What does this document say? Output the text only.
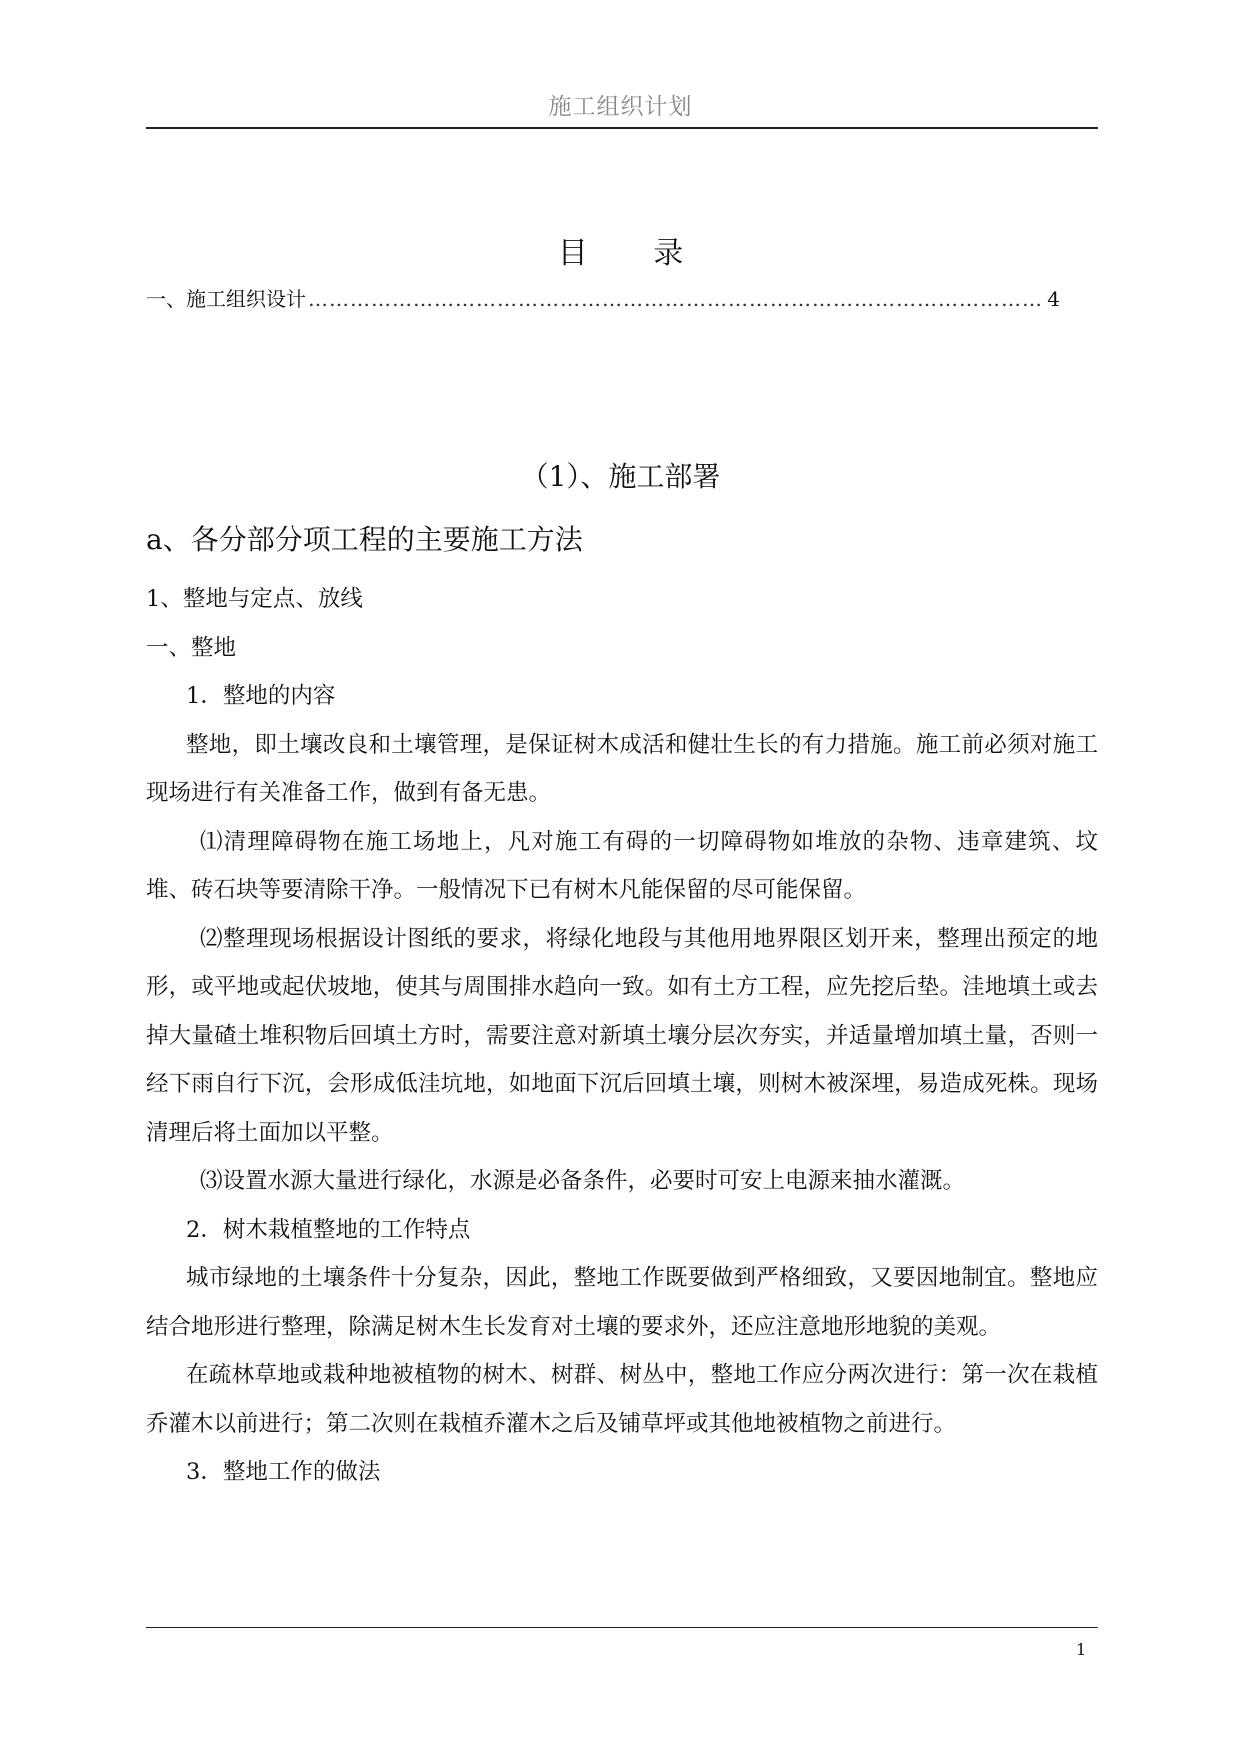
施工组织计划
目 录
一、施工组织设计
……………………………………………………………………………………………………………………………………………………………………………………………………	4
（1）、施工部署
a、各分部分项工程的主要施工方法

1、整地与定点、放线

一、整地

1．整地的内容

整地，即土壤改良和土壤管理，是保证树木成活和健壮生长的有力措施。施工前必须对施工现场进行有关准备工作，做到有备无患。

⑴清理障碍物在施工场地上，凡对施工有碍的一切障碍物如堆放的杂物、违章建筑、坟堆、砖石块等要清除干净。一般情况下已有树木凡能保留的尽可能保留。

⑵整理现场根据设计图纸的要求，将绿化地段与其他用地界限区划开来，整理出预定的地形，或平地或起伏坡地，使其与周围排水趋向一致。如有土方工程，应先挖后垫。洼地填土或去掉大量碴土堆积物后回填土方时，需要注意对新填土壤分层次夯实，并适量增加填土量，否则一经下雨自行下沉，会形成低洼坑地，如地面下沉后回填土壤，则树木被深埋，易造成死株。现场清理后将土面加以平整。

⑶设置水源大量进行绿化，水源是必备条件，必要时可安上电源来抽水灌溉。

2．树木栽植整地的工作特点

城市绿地的土壤条件十分复杂，因此，整地工作既要做到严格细致，又要因地制宜。整地应结合地形进行整理，除满足树木生长发育对土壤的要求外，还应注意地形地貌的美观。

在疏林草地或栽种地被植物的树木、树群、树丛中，整地工作应分两次进行：第一次在栽植乔灌木以前进行；第二次则在栽植乔灌木之后及铺草坪或其他地被植物之前进行。

3．整地工作的做法

1
